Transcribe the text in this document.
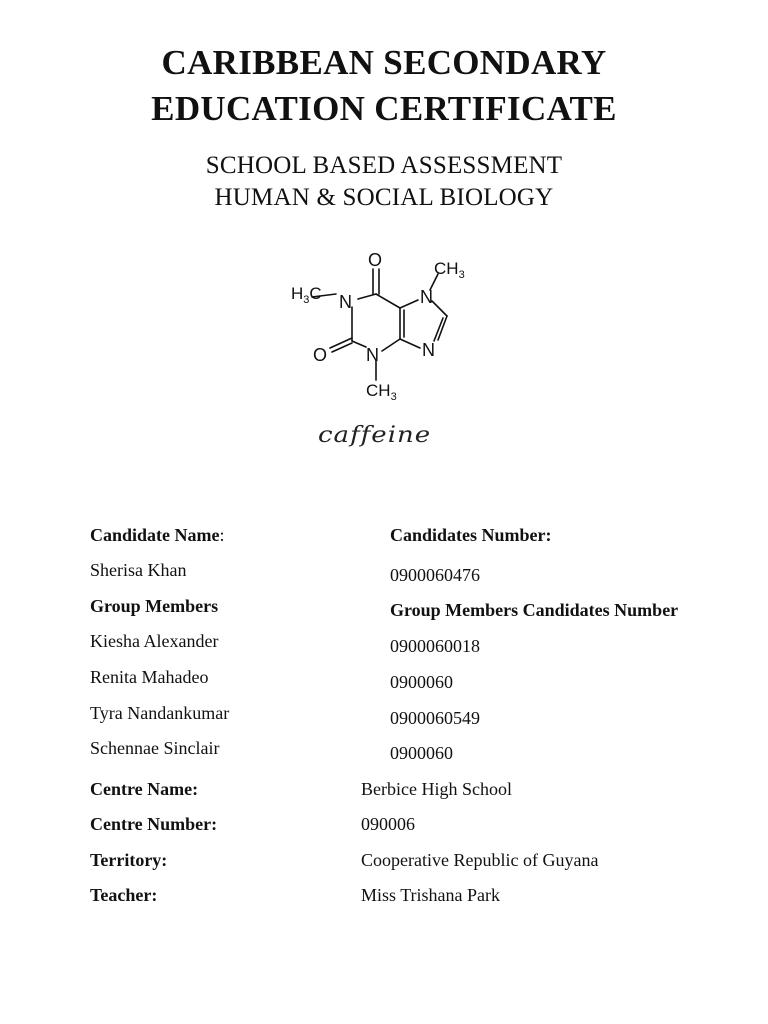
CARIBBEAN SECONDARY
EDUCATION CERTIFICATE
SCHOOL BASED ASSESSMENT
HUMAN & SOCIAL BIOLOGY
$H_3C$ N
O
O N
$CH_3$
N
N
$CH_3$
caffeine
Candidate Name:	Candidates Number:
Sherisa Khan	0900060476
Group Members	Group Members Candidates Number
Kiesha Alexander	0900060018
Renita Mahadeo	0900060
Tyra Nandankumar	0900060549
Schennae Sinclair	0900060
Centre Name:	Berbice High School
Centre Number:	090006
Territory:	Cooperative Republic of Guyana
Teacher:	Miss Trishana Park
